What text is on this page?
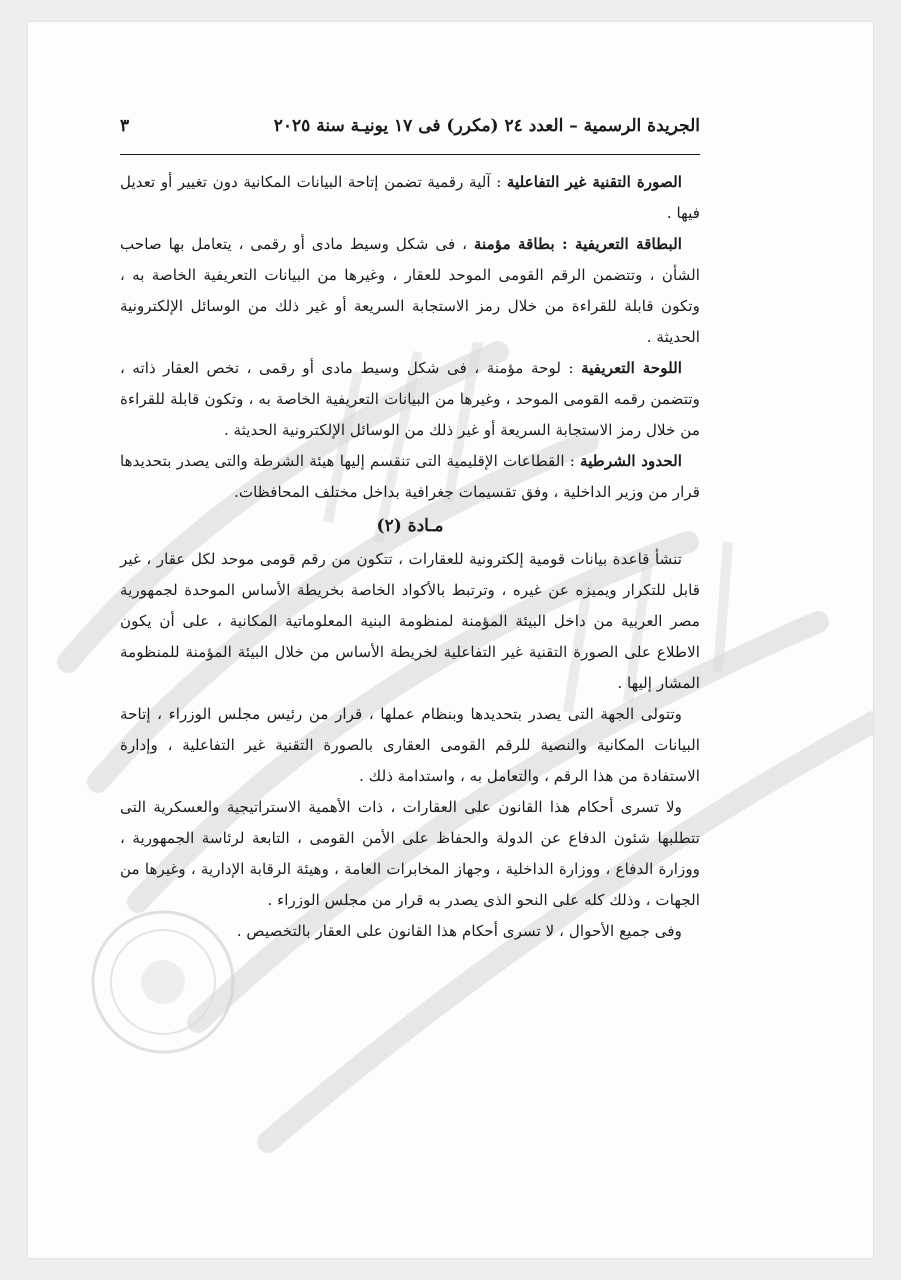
الجريدة الرسمية – العدد ٢٤ (مكرر) فى ١٧ يونيـة سنة ٢٠٢٥
٣

الصورة التقنية غير التفاعلية : آلية رقمية تضمن إتاحة البيانات المكانية دون تغيير أو تعديل فيها .

البطاقة التعريفية : بطاقة مؤمنة ، فى شكل وسيط مادى أو رقمى ، يتعامل بها صاحب الشأن ، وتتضمن الرقم القومى الموحد للعقار ، وغيرها من البيانات التعريفية الخاصة به ، وتكون قابلة للقراءة من خلال رمز الاستجابة السريعة أو غير ذلك من الوسائل الإلكترونية الحديثة .

اللوحة التعريفية : لوحة مؤمنة ، فى شكل وسيط مادى أو رقمى ، تخص العقار ذاته ، وتتضمن رقمه القومى الموحد ، وغيرها من البيانات التعريفية الخاصة به ، وتكون قابلة للقراءة من خلال رمز الاستجابة السريعة أو غير ذلك من الوسائل الإلكترونية الحديثة .

الحدود الشرطية : القطاعات الإقليمية التى تنقسم إليها هيئة الشرطة والتى يصدر بتحديدها قرار من وزير الداخلية ، وفق تقسيمات جغرافية بداخل مختلف المحافظات.

مـادة (٢)

تنشأ قاعدة بيانات قومية إلكترونية للعقارات ، تتكون من رقم قومى موحد لكل عقار ، غير قابل للتكرار ويميزه عن غيره ، وترتبط بالأكواد الخاصة بخريطة الأساس الموحدة لجمهورية مصر العربية من داخل البيئة المؤمنة لمنظومة البنية المعلوماتية المكانية ، على أن يكون الاطلاع على الصورة التقنية غير التفاعلية لخريطة الأساس من خلال البيئة المؤمنة للمنظومة المشار إليها .

وتتولى الجهة التى يصدر بتحديدها وبنظام عملها ، قرار من رئيس مجلس الوزراء ، إتاحة البيانات المكانية والنصية للرقم القومى العقارى بالصورة التقنية غير التفاعلية ، وإدارة الاستفادة من هذا الرقم ، والتعامل به ، واستدامة ذلك .

ولا تسرى أحكام هذا القانون على العقارات ، ذات الأهمية الاستراتيجية والعسكرية التى تتطلبها شئون الدفاع عن الدولة والحفاظ على الأمن القومى ، التابعة لرئاسة الجمهورية ، ووزارة الدفاع ، ووزارة الداخلية ، وجهاز المخابرات العامة ، وهيئة الرقابة الإدارية ، وغيرها من الجهات ، وذلك كله على النحو الذى يصدر به قرار من مجلس الوزراء .

وفى جميع الأحوال ، لا تسرى أحكام هذا القانون على العقار بالتخصيص .
